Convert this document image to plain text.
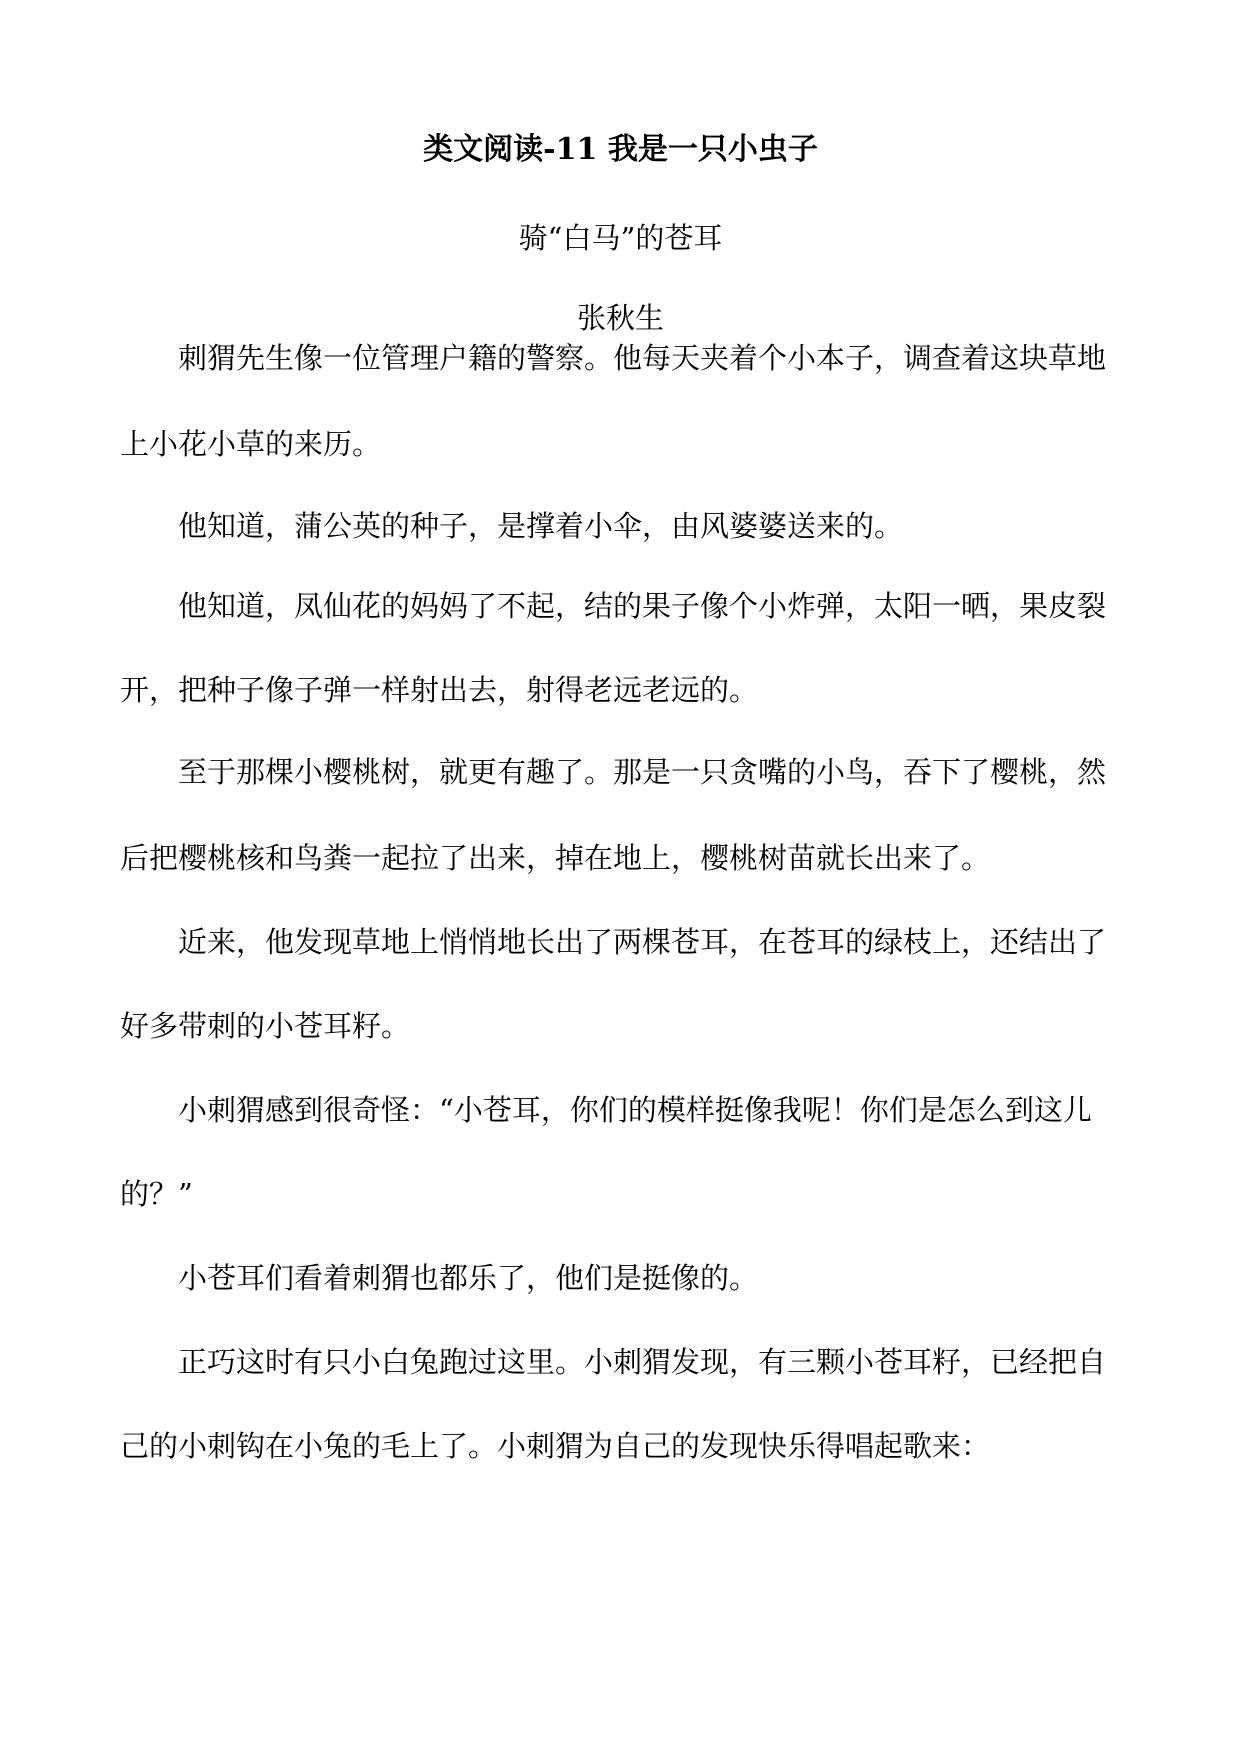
类文阅读-11 我是一只小虫子
骑“白马”的苍耳
张秋生
刺猬先生像一位管理户籍的警察。他每天夹着个小本子，调查着这块草地
上小花小草的来历。
他知道，蒲公英的种子，是撑着小伞，由风婆婆送来的。
他知道，凤仙花的妈妈了不起，结的果子像个小炸弹，太阳一晒，果皮裂
开，把种子像子弹一样射出去，射得老远老远的。
至于那棵小樱桃树，就更有趣了。那是一只贪嘴的小鸟，吞下了樱桃，然
后把樱桃核和鸟粪一起拉了出来，掉在地上，樱桃树苗就长出来了。
近来，他发现草地上悄悄地长出了两棵苍耳，在苍耳的绿枝上，还结出了
好多带刺的小苍耳籽。
小刺猬感到很奇怪：“小苍耳，你们的模样挺像我呢！你们是怎么到这儿
的？”
小苍耳们看着刺猬也都乐了，他们是挺像的。
正巧这时有只小白兔跑过这里。小刺猬发现，有三颗小苍耳籽，已经把自
己的小刺钩在小兔的毛上了。小刺猬为自己的发现快乐得唱起歌来：
